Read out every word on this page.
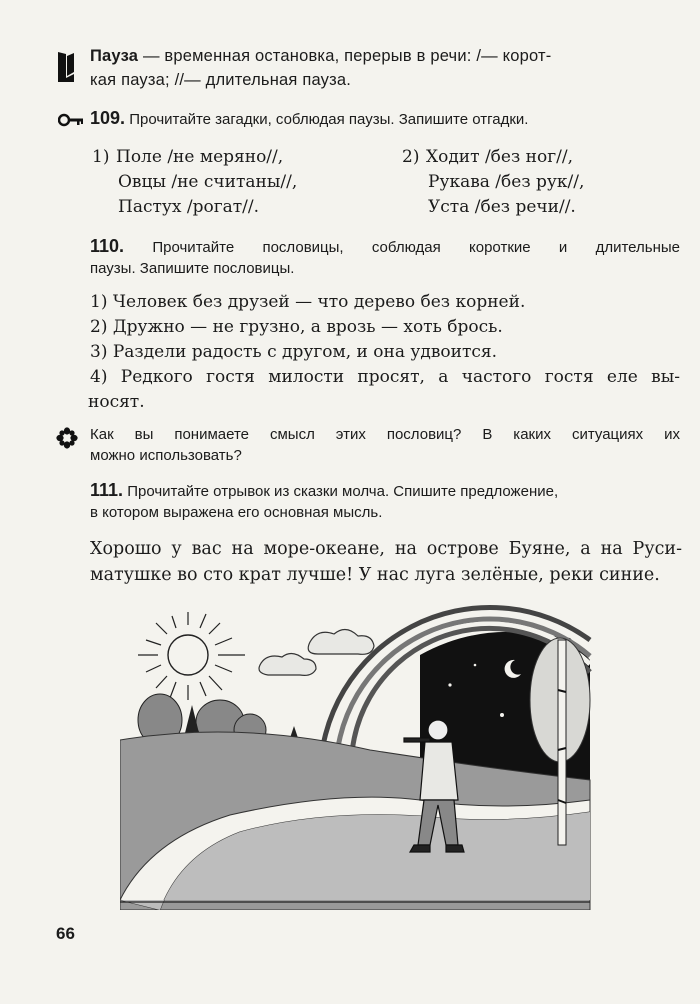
Пауза — временная остановка, перерыв в речи: /— корот-
кая пауза; //— длительная пауза.
109. Прочитайте загадки, соблюдая паузы. Запишите отгадки.
1) Поле /не меряно//,
Овцы /не считаны//,
Пастух /рогат//.
2) Ходит /без ног//,
Рукава /без рук//,
Уста /без речи//.
110. Прочитайте пословицы, соблюдая короткие и длительные
паузы. Запишите пословицы.
1) Человек без друзей — что дерево без корней.
2) Дружно — не грузно, а врозь — хоть брось.
3) Раздели радость с другом, и она удвоится.
4) Редкого гостя милости просят, а частого гостя еле вы-
носят.
Как вы понимаете смысл этих пословиц? В каких ситуациях их
можно использовать?
111. Прочитайте отрывок из сказки молча. Спишите предложение,
в котором выражена его основная мысль.
Хорошо у вас на море-океане, на острове Буяне, а на Руси-
матушке во сто крат лучше! У нас луга зелёные, реки синие.
66
